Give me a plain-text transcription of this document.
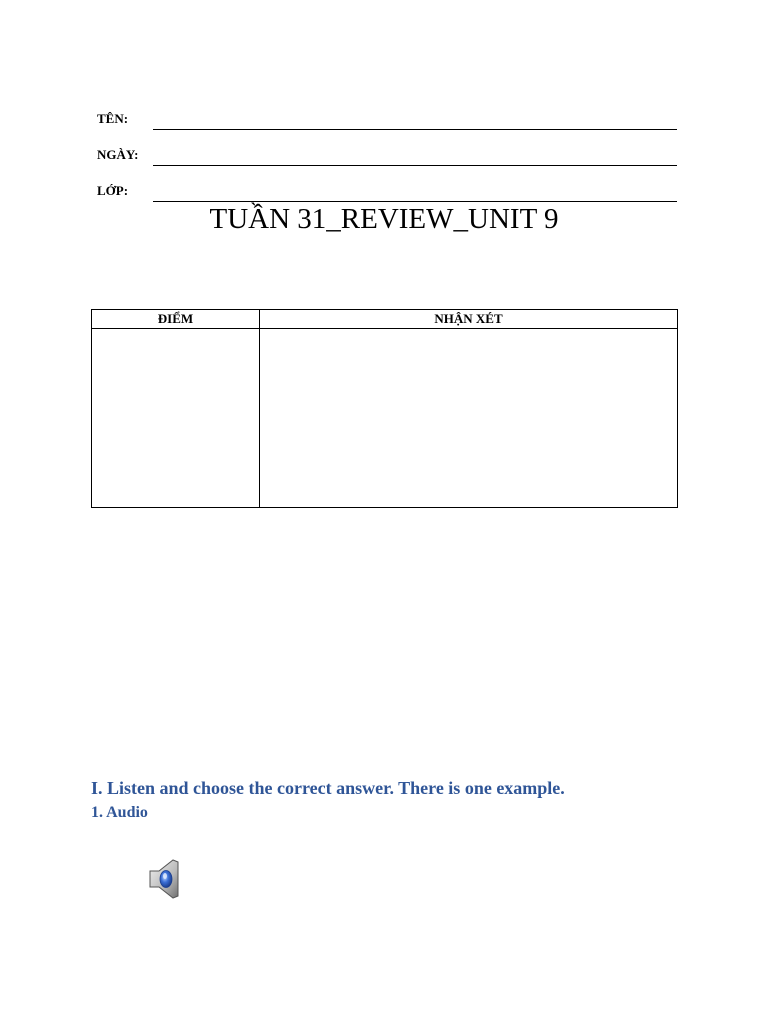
TÊN:
NGÀY:
LỚP:
TUẦN 31_REVIEW_UNIT 9
ĐIỂM	NHẬN XÉT

I. Listen and choose the correct answer. There is one example.
1. Audio
